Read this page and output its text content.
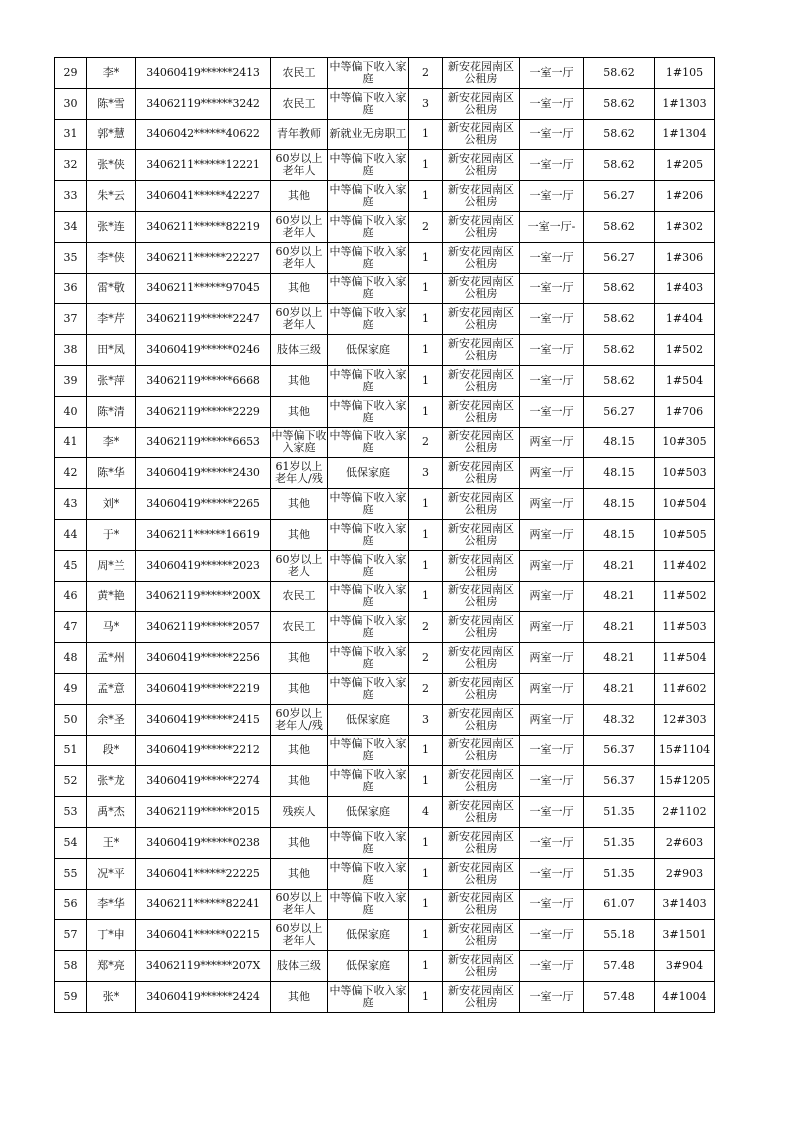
29	李*	34060419******2413	农民工	中等偏下收入家庭	2	新安花园南区公租房	一室一厅	58.62	1#105
30	陈*雪	34062119******3242	农民工	中等偏下收入家庭	3	新安花园南区公租房	一室一厅	58.62	1#1303
31	郭*慧	3406042******40622	青年教师	新就业无房职工	1	新安花园南区公租房	一室一厅	58.62	1#1304
32	张*侠	3406211******12221	60岁以上老年人	中等偏下收入家庭	1	新安花园南区公租房	一室一厅	58.62	1#205
33	朱*云	3406041******42227	其他	中等偏下收入家庭	1	新安花园南区公租房	一室一厅	56.27	1#206
34	张*连	3406211******82219	60岁以上老年人	中等偏下收入家庭	2	新安花园南区公租房	一室一厅-	58.62	1#302
35	李*侠	3406211******22227	60岁以上老年人	中等偏下收入家庭	1	新安花园南区公租房	一室一厅	56.27	1#306
36	雷*敬	3406211******97045	其他	中等偏下收入家庭	1	新安花园南区公租房	一室一厅	58.62	1#403
37	李*芹	34062119******2247	60岁以上老年人	中等偏下收入家庭	1	新安花园南区公租房	一室一厅	58.62	1#404
38	田*凤	34060419******0246	肢体三级	低保家庭	1	新安花园南区公租房	一室一厅	58.62	1#502
39	张*萍	34062119******6668	其他	中等偏下收入家庭	1	新安花园南区公租房	一室一厅	58.62	1#504
40	陈*清	34062119******2229	其他	中等偏下收入家庭	1	新安花园南区公租房	一室一厅	56.27	1#706
41	李*	34062119******6653	中等偏下收入家庭	中等偏下收入家庭	2	新安花园南区公租房	两室一厅	48.15	10#305
42	陈*华	34060419******2430	61岁以上老年人/残	低保家庭	3	新安花园南区公租房	两室一厅	48.15	10#503
43	刘*	34060419******2265	其他	中等偏下收入家庭	1	新安花园南区公租房	两室一厅	48.15	10#504
44	于*	3406211******16619	其他	中等偏下收入家庭	1	新安花园南区公租房	两室一厅	48.15	10#505
45	周*兰	34060419******2023	60岁以上老人	中等偏下收入家庭	1	新安花园南区公租房	两室一厅	48.21	11#402
46	黄*艳	34062119******200X	农民工	中等偏下收入家庭	1	新安花园南区公租房	两室一厅	48.21	11#502
47	马*	34062119******2057	农民工	中等偏下收入家庭	2	新安花园南区公租房	两室一厅	48.21	11#503
48	孟*州	34060419******2256	其他	中等偏下收入家庭	2	新安花园南区公租房	两室一厅	48.21	11#504
49	孟*意	34060419******2219	其他	中等偏下收入家庭	2	新安花园南区公租房	两室一厅	48.21	11#602
50	余*圣	34060419******2415	60岁以上老年人/残	低保家庭	3	新安花园南区公租房	两室一厅	48.32	12#303
51	段*	34060419******2212	其他	中等偏下收入家庭	1	新安花园南区公租房	一室一厅	56.37	15#1104
52	张*龙	34060419******2274	其他	中等偏下收入家庭	1	新安花园南区公租房	一室一厅	56.37	15#1205
53	禹*杰	34062119******2015	残疾人	低保家庭	4	新安花园南区公租房	一室一厅	51.35	2#1102
54	王*	34060419******0238	其他	中等偏下收入家庭	1	新安花园南区公租房	一室一厅	51.35	2#603
55	况*平	3406041******22225	其他	中等偏下收入家庭	1	新安花园南区公租房	一室一厅	51.35	2#903
56	李*华	3406211******82241	60岁以上老年人	中等偏下收入家庭	1	新安花园南区公租房	一室一厅	61.07	3#1403
57	丁*申	3406041******02215	60岁以上老年人	低保家庭	1	新安花园南区公租房	一室一厅	55.18	3#1501
58	郑*亮	34062119******207X	肢体三级	低保家庭	1	新安花园南区公租房	一室一厅	57.48	3#904
59	张*	34060419******2424	其他	中等偏下收入家庭	1	新安花园南区公租房	一室一厅	57.48	4#1004
